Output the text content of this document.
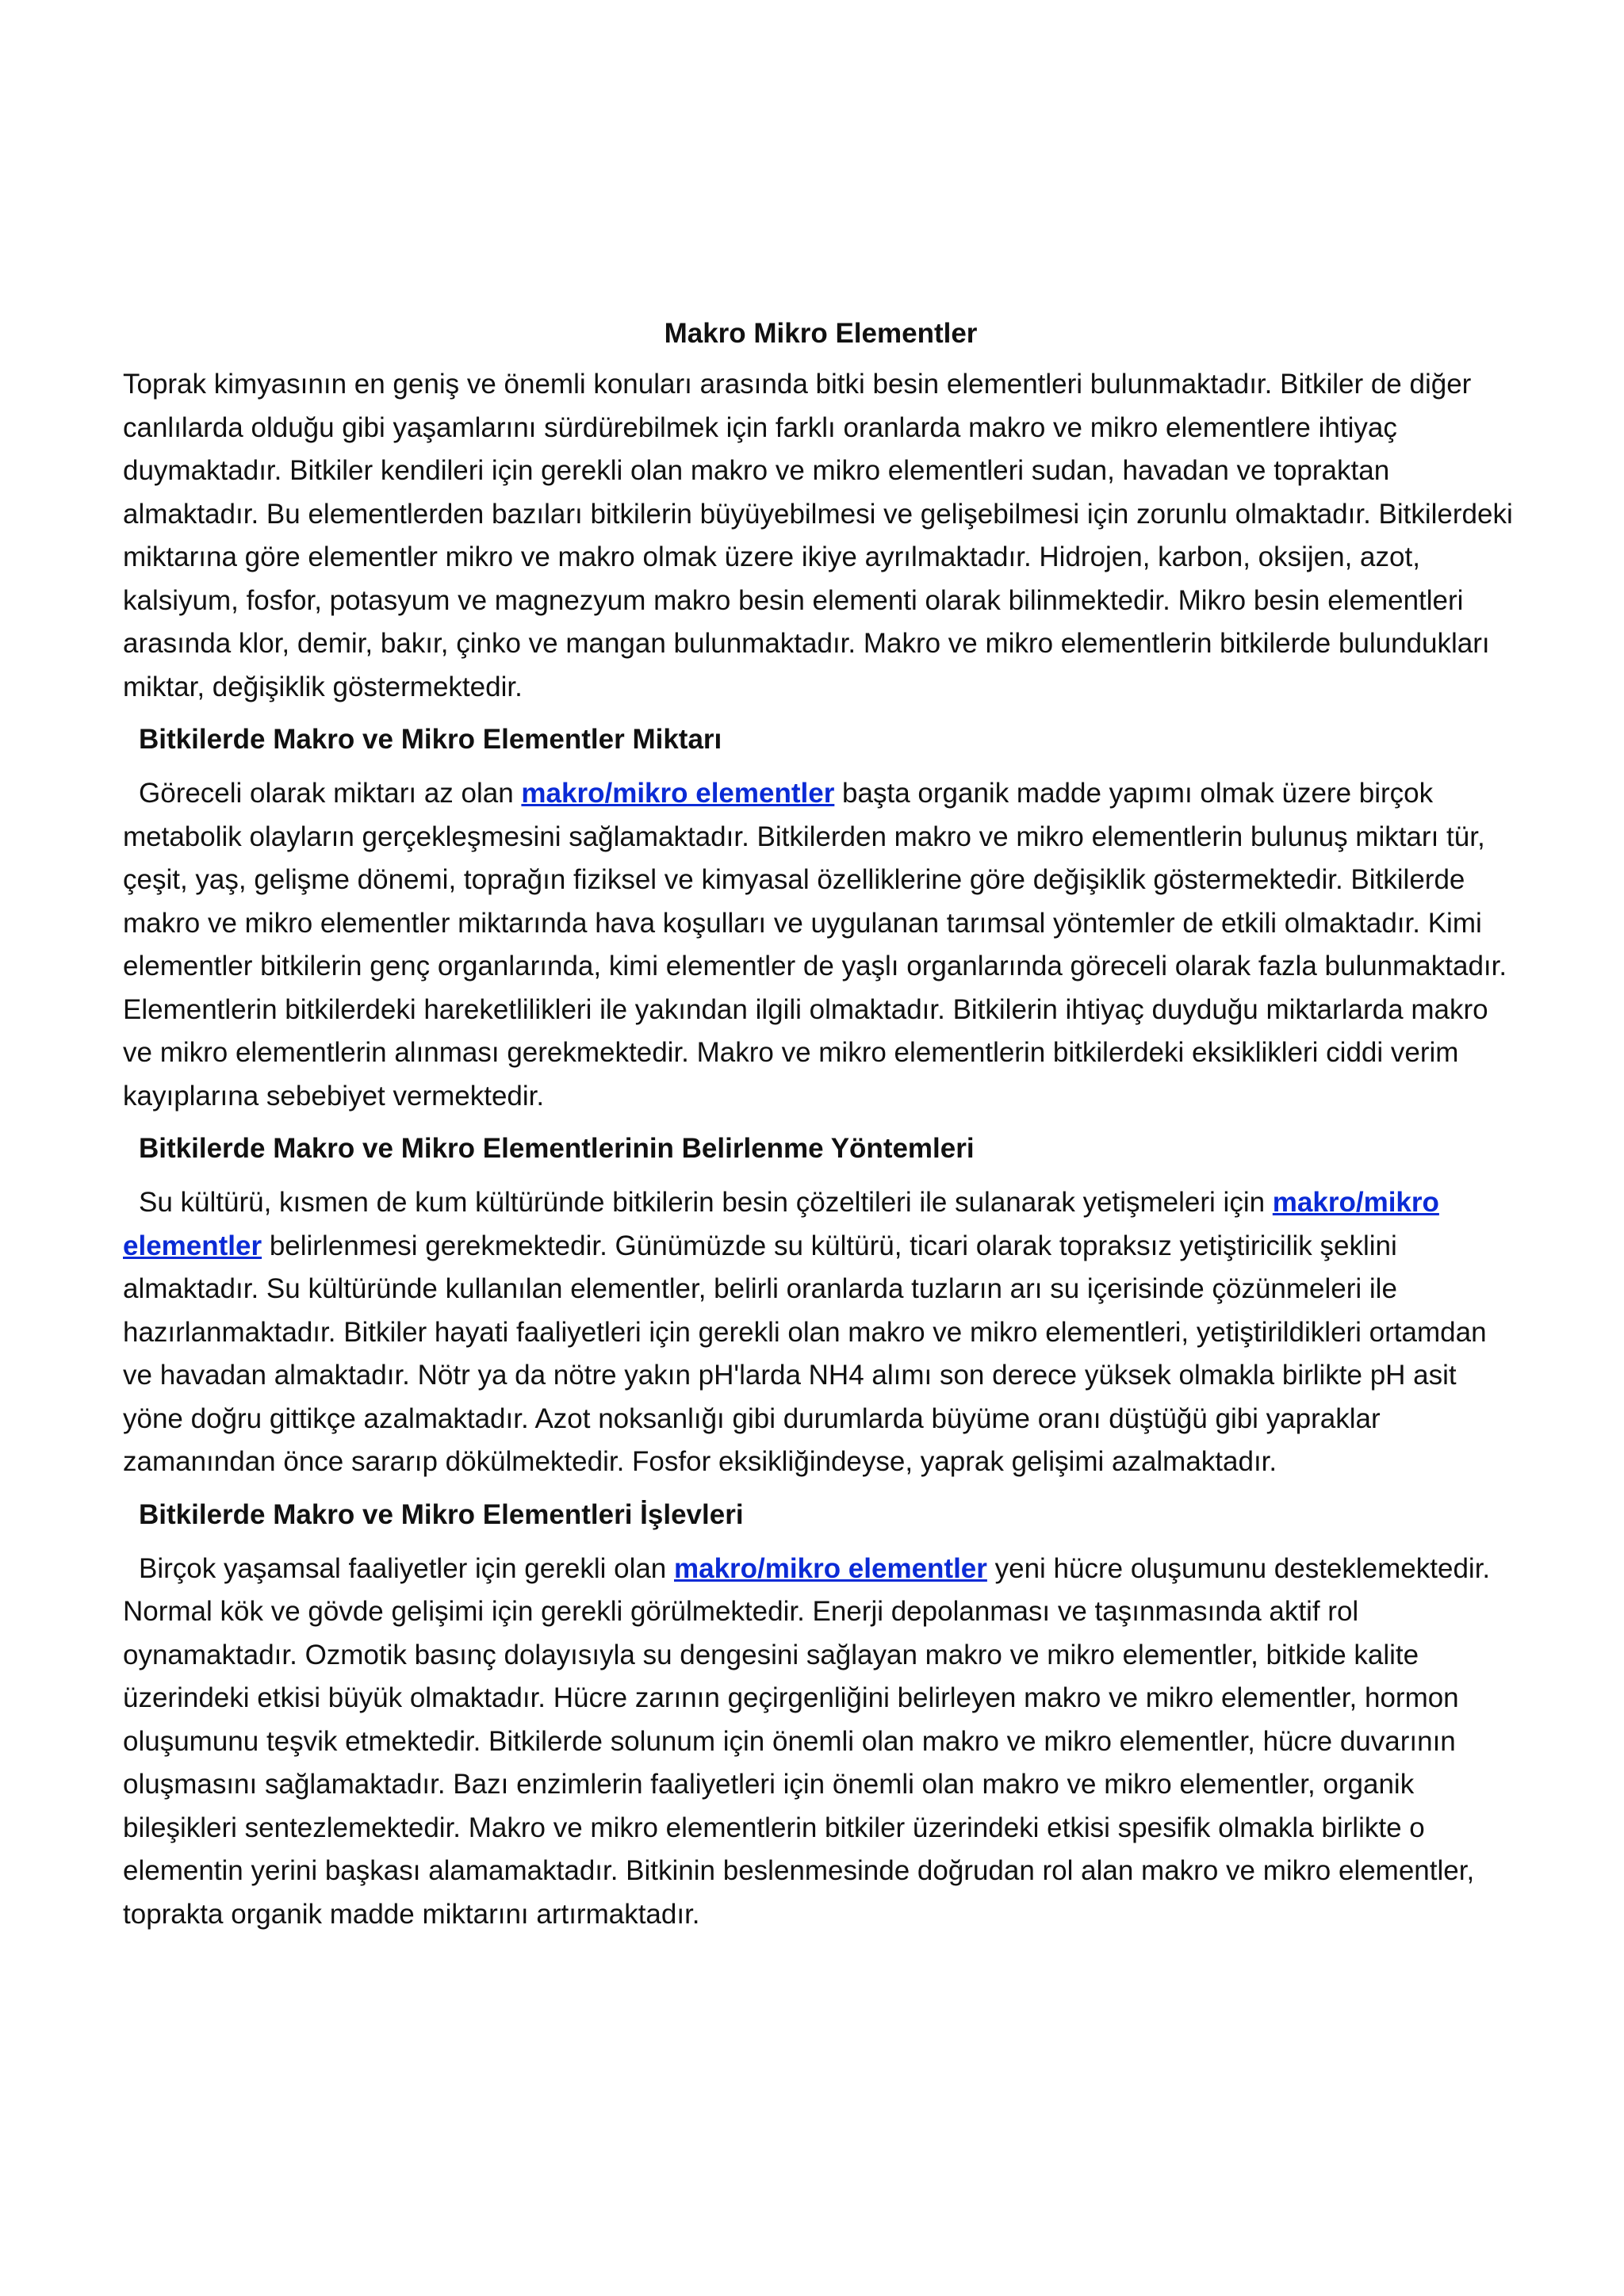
Makro Mikro Elementler

Toprak kimyasının en geniş ve önemli konuları arasında bitki besin elementleri bulunmaktadır. Bitkiler de diğer canlılarda olduğu gibi yaşamlarını sürdürebilmek için farklı oranlarda makro ve mikro elementlere ihtiyaç duymaktadır. Bitkiler kendileri için gerekli olan makro ve mikro elementleri sudan, havadan ve topraktan almaktadır. Bu elementlerden bazıları bitkilerin büyüyebilmesi ve gelişebilmesi için zorunlu olmaktadır. Bitkilerdeki miktarına göre elementler mikro ve makro olmak üzere ikiye ayrılmaktadır. Hidrojen, karbon, oksijen, azot, kalsiyum, fosfor, potasyum ve magnezyum makro besin elementi olarak bilinmektedir. Mikro besin elementleri arasında klor, demir, bakır, çinko ve mangan bulunmaktadır. Makro ve mikro elementlerin bitkilerde bulundukları miktar, değişiklik göstermektedir.

Bitkilerde Makro ve Mikro Elementler Miktarı

Göreceli olarak miktarı az olan makro/mikro elementler başta organik madde yapımı olmak üzere birçok metabolik olayların gerçekleşmesini sağlamaktadır. Bitkilerden makro ve mikro elementlerin bulunuş miktarı tür, çeşit, yaş, gelişme dönemi, toprağın fiziksel ve kimyasal özelliklerine göre değişiklik göstermektedir. Bitkilerde makro ve mikro elementler miktarında hava koşulları ve uygulanan tarımsal yöntemler de etkili olmaktadır. Kimi elementler bitkilerin genç organlarında, kimi elementler de yaşlı organlarında göreceli olarak fazla bulunmaktadır. Elementlerin bitkilerdeki hareketlilikleri ile yakından ilgili olmaktadır. Bitkilerin ihtiyaç duyduğu miktarlarda makro ve mikro elementlerin alınması gerekmektedir. Makro ve mikro elementlerin bitkilerdeki eksiklikleri ciddi verim kayıplarına sebebiyet vermektedir.

Bitkilerde Makro ve Mikro Elementlerinin Belirlenme Yöntemleri

Su kültürü, kısmen de kum kültüründe bitkilerin besin çözeltileri ile sulanarak yetişmeleri için makro/mikro elementler belirlenmesi gerekmektedir. Günümüzde su kültürü, ticari olarak topraksız yetiştiricilik şeklini almaktadır. Su kültüründe kullanılan elementler, belirli oranlarda tuzların arı su içerisinde çözünmeleri ile hazırlanmaktadır. Bitkiler hayati faaliyetleri için gerekli olan makro ve mikro elementleri, yetiştirildikleri ortamdan ve havadan almaktadır. Nötr ya da nötre yakın pH'larda NH4 alımı son derece yüksek olmakla birlikte pH asit yöne doğru gittikçe azalmaktadır. Azot noksanlığı gibi durumlarda büyüme oranı düştüğü gibi yapraklar zamanından önce sararıp dökülmektedir. Fosfor eksikliğindeyse, yaprak gelişimi azalmaktadır.

Bitkilerde Makro ve Mikro Elementleri İşlevleri

Birçok yaşamsal faaliyetler için gerekli olan makro/mikro elementler yeni hücre oluşumunu desteklemektedir. Normal kök ve gövde gelişimi için gerekli görülmektedir. Enerji depolanması ve taşınmasında aktif rol oynamaktadır. Ozmotik basınç dolayısıyla su dengesini sağlayan makro ve mikro elementler, bitkide kalite üzerindeki etkisi büyük olmaktadır. Hücre zarının geçirgenliğini belirleyen makro ve mikro elementler, hormon oluşumunu teşvik etmektedir. Bitkilerde solunum için önemli olan makro ve mikro elementler, hücre duvarının oluşmasını sağlamaktadır. Bazı enzimlerin faaliyetleri için önemli olan makro ve mikro elementler, organik bileşikleri sentezlemektedir. Makro ve mikro elementlerin bitkiler üzerindeki etkisi spesifik olmakla birlikte o elementin yerini başkası alamamaktadır. Bitkinin beslenmesinde doğrudan rol alan makro ve mikro elementler, toprakta organik madde miktarını artırmaktadır.
